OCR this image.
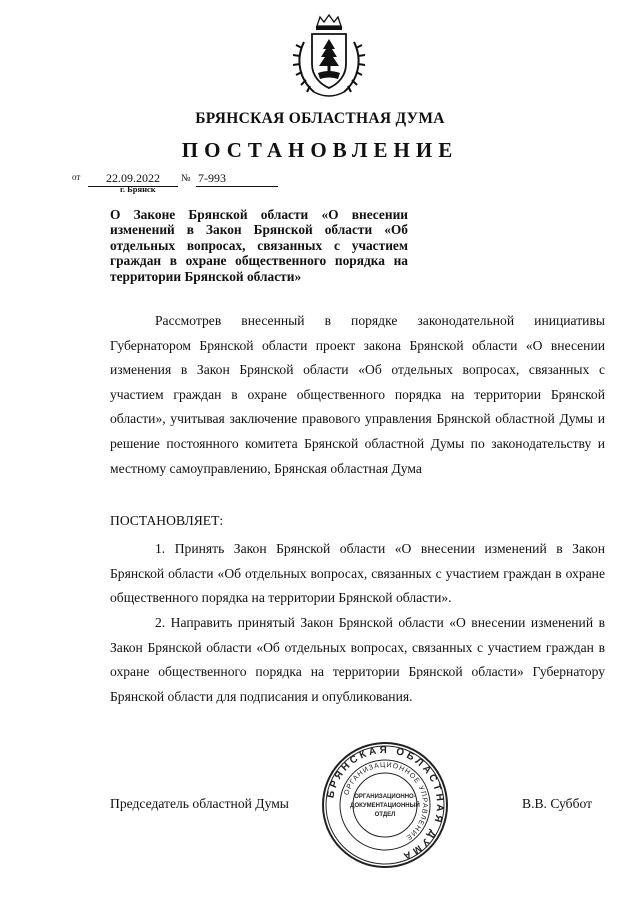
БРЯНСКАЯ ОБЛАСТНАЯ ДУМА
ПОСТАНОВЛЕНИЕ
от	22.09.2022	№ 7-993
г. Брянск
О Законе Брянской области «О внесении изменений в Закон Брянской области «Об отдельных вопросах, связанных с участием граждан в охране общественного порядка на территории Брянской области»

Рассмотрев внесенный в порядке законодательной инициативы Губернатором Брянской области проект закона Брянской области «О внесении изменения в Закон Брянской области «Об отдельных вопросах, связанных с участием граждан в охране общественного порядка на территории Брянской области», учитывая заключение правового управления Брянской областной Думы и решение постоянного комитета Брянской областной Думы по законодательству и местному самоуправлению, Брянская областная Дума

ПОСТАНОВЛЯЕТ:

1. Принять Закон Брянской области «О внесении изменений в Закон Брянской области «Об отдельных вопросах, связанных с участием граждан в охране общественного порядка на территории Брянской области».

2. Направить принятый Закон Брянской области «О внесении изменений в Закон Брянской области «Об отдельных вопросах, связанных с участием граждан в охране общественного порядка на территории Брянской области» Губернатору Брянской области для подписания и опубликования.

Председатель областной Думы	В.В. Суббот
БРЯНСКАЯ ОБЛАСТНАЯ ДУМА
ОРГАНИЗАЦИОННОЕ УПРАВЛЕНИЕ
ОРГАНИЗАЦИОННО-
ДОКУМЕНТАЦИОННЫЙ
ОТДЕЛ
